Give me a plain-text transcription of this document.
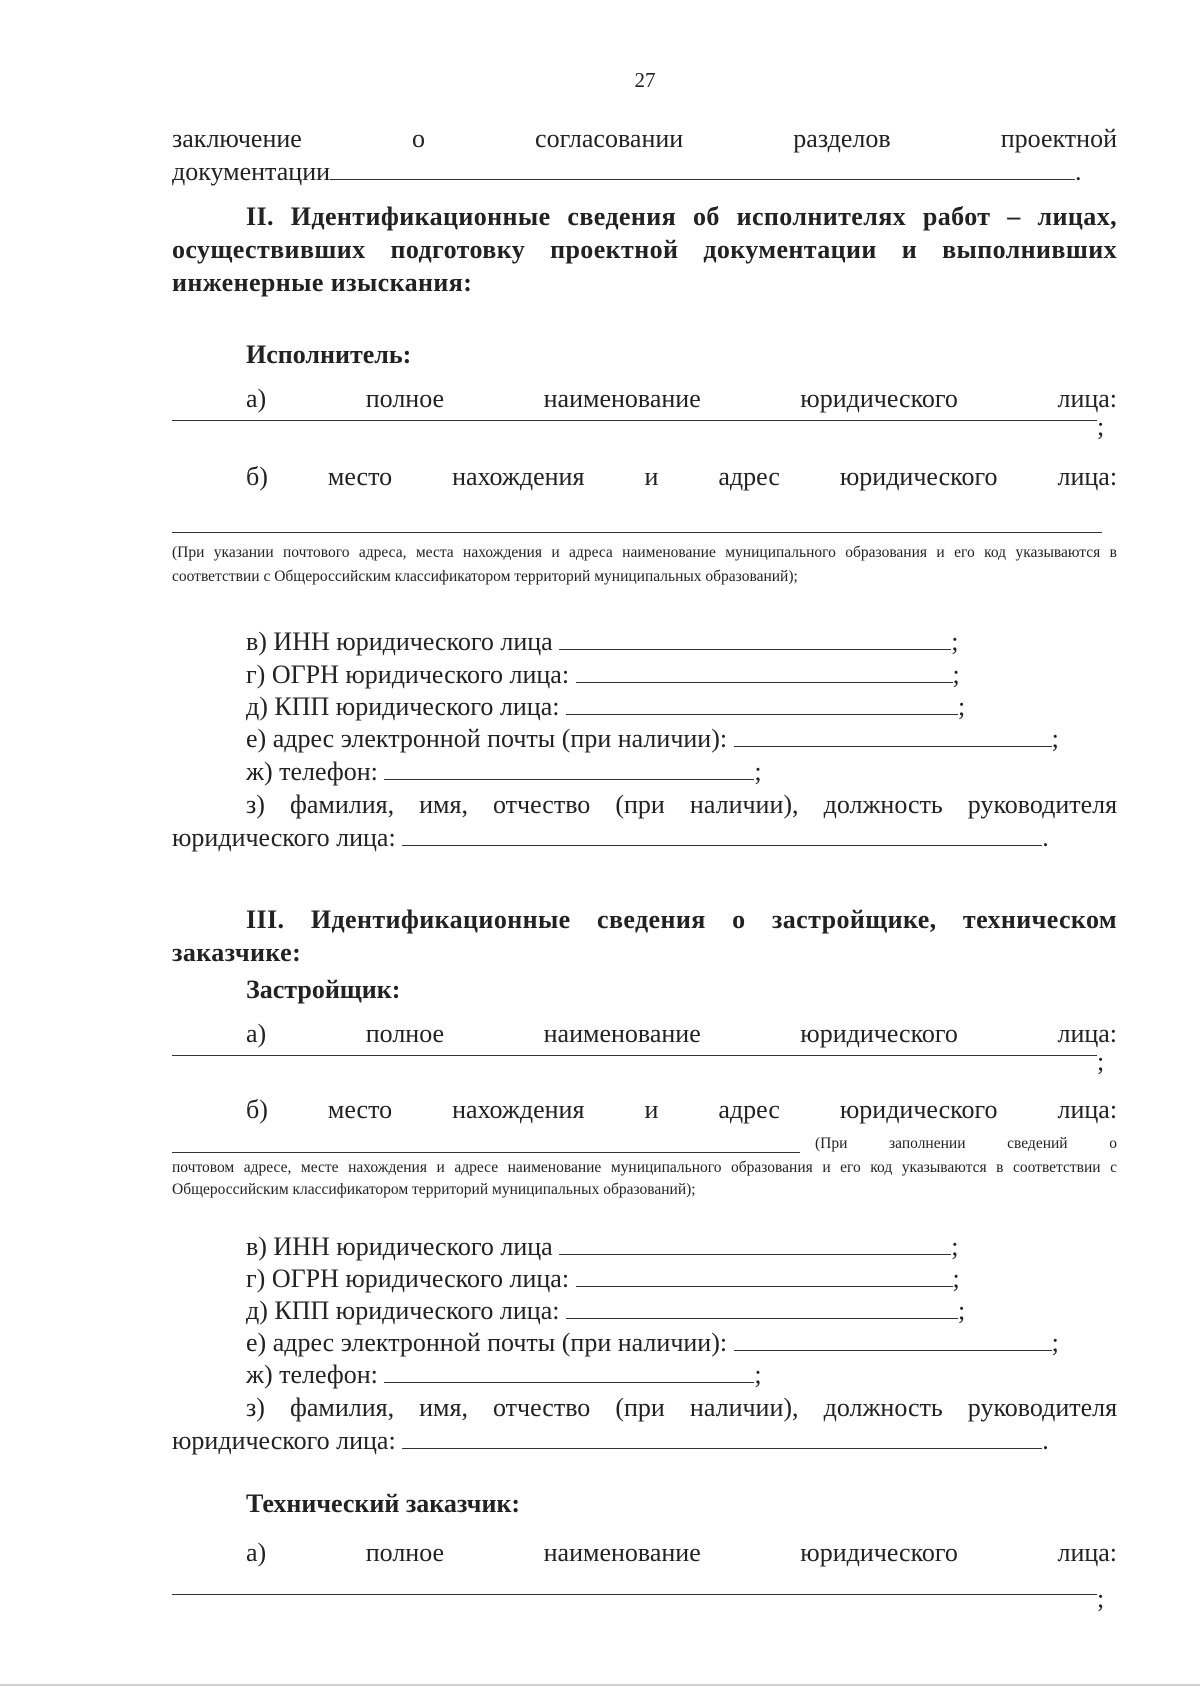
27
заключение	о	согласовании	разделов	проектной
документации	.
II. Идентификационные сведения об исполнителях работ – лицах, осуществивших подготовку проектной документации и выполнивших инженерные изыскания:
Исполнитель:
а)	полное	наименование	юридического	лица:
;
б) место нахождения и адрес юридического лица:
(При указании почтового адреса, места нахождения и адреса наименование муниципального образования и его код указываются в соответствии с Общероссийским классификатором территорий муниципальных образований);
в) ИНН юридического лица	;
г) ОГРН юридического лица:	;
д) КПП юридического лица:	;
е) адрес электронной почты (при наличии):	;
ж) телефон:	;
з) фамилия, имя, отчество (при наличии), должность руководителя
юридического лица:	.
III. Идентификационные сведения о застройщике, техническом заказчике:
Застройщик:
а)	полное	наименование	юридического	лица:
;
б) место нахождения и адрес юридического лица:
(При заполнении сведений о
почтовом адресе, месте нахождения и адресе наименование муниципального образования и его код указываются в соответствии с Общероссийским классификатором территорий муниципальных образований);
в) ИНН юридического лица	;
г) ОГРН юридического лица:	;
д) КПП юридического лица:	;
е) адрес электронной почты (при наличии):	;
ж) телефон:	;
з) фамилия, имя, отчество (при наличии), должность руководителя
юридического лица:	.
Технический заказчик:
а)	полное	наименование	юридического	лица:
;
